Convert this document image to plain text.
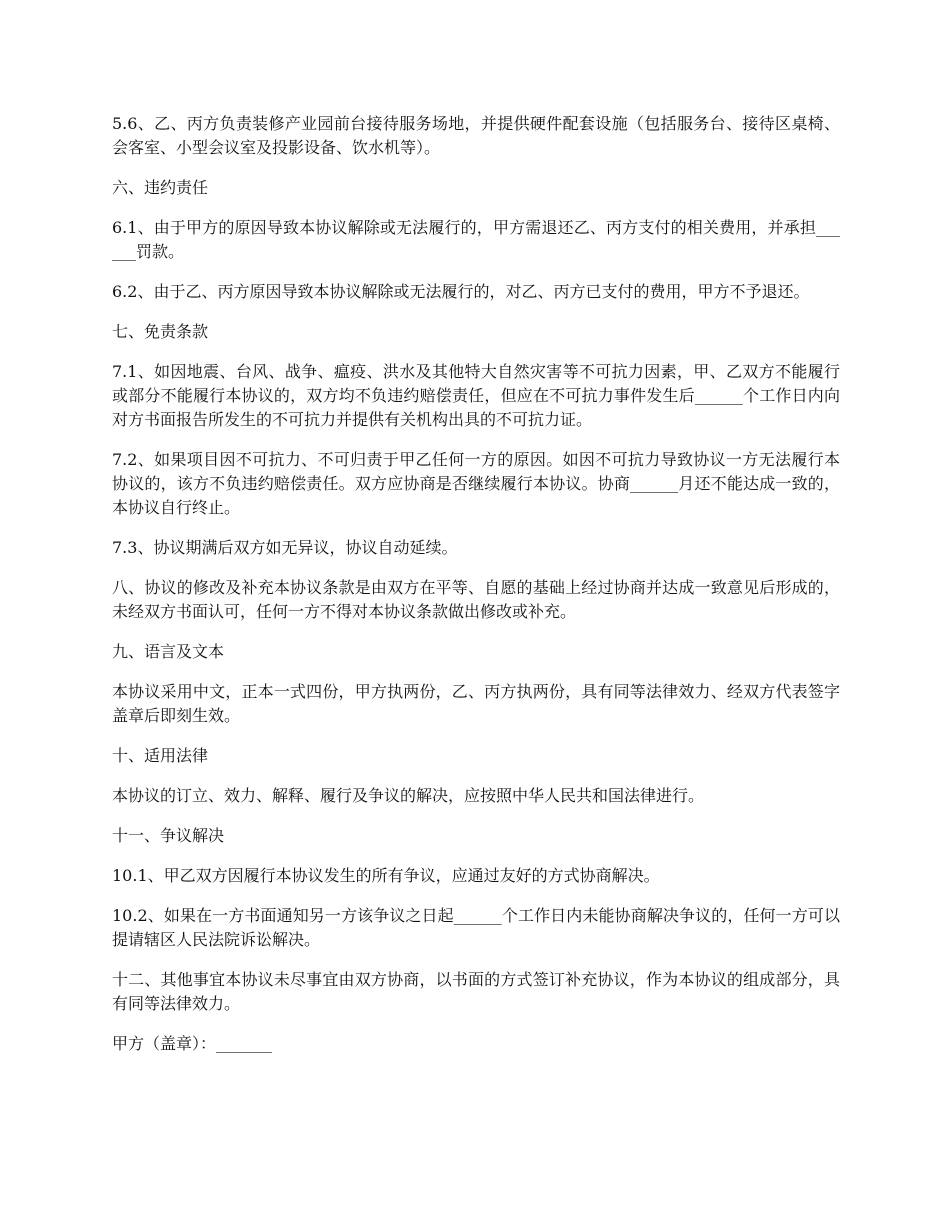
5.6、乙、丙方负责装修产业园前台接待服务场地，并提供硬件配套设施（包括服务台、接待区桌椅、会客室、小型会议室及投影设备、饮水机等）。

六、违约责任

6.1、由于甲方的原因导致本协议解除或无法履行的，甲方需退还乙、丙方支付的相关费用，并承担______罚款。

6.2、由于乙、丙方原因导致本协议解除或无法履行的，对乙、丙方已支付的费用，甲方不予退还。

七、免责条款

7.1、如因地震、台风、战争、瘟疫、洪水及其他特大自然灾害等不可抗力因素，甲、乙双方不能履行或部分不能履行本协议的，双方均不负违约赔偿责任，但应在不可抗力事件发生后______个工作日内向对方书面报告所发生的不可抗力并提供有关机构出具的不可抗力证。

7.2、如果项目因不可抗力、不可归责于甲乙任何一方的原因。如因不可抗力导致协议一方无法履行本协议的，该方不负违约赔偿责任。双方应协商是否继续履行本协议。协商______月还不能达成一致的，本协议自行终止。

7.3、协议期满后双方如无异议，协议自动延续。

八、协议的修改及补充本协议条款是由双方在平等、自愿的基础上经过协商并达成一致意见后形成的，未经双方书面认可，任何一方不得对本协议条款做出修改或补充。

九、语言及文本

本协议采用中文，正本一式四份，甲方执两份，乙、丙方执两份，具有同等法律效力、经双方代表签字盖章后即刻生效。

十、适用法律

本协议的订立、效力、解释、履行及争议的解决，应按照中华人民共和国法律进行。

十一、争议解决

10.1、甲乙双方因履行本协议发生的所有争议，应通过友好的方式协商解决。

10.2、如果在一方书面通知另一方该争议之日起______个工作日内未能协商解决争议的，任何一方可以提请辖区人民法院诉讼解决。

十二、其他事宜本协议未尽事宜由双方协商，以书面的方式签订补充协议，作为本协议的组成部分，具有同等法律效力。

甲方（盖章）：_______
